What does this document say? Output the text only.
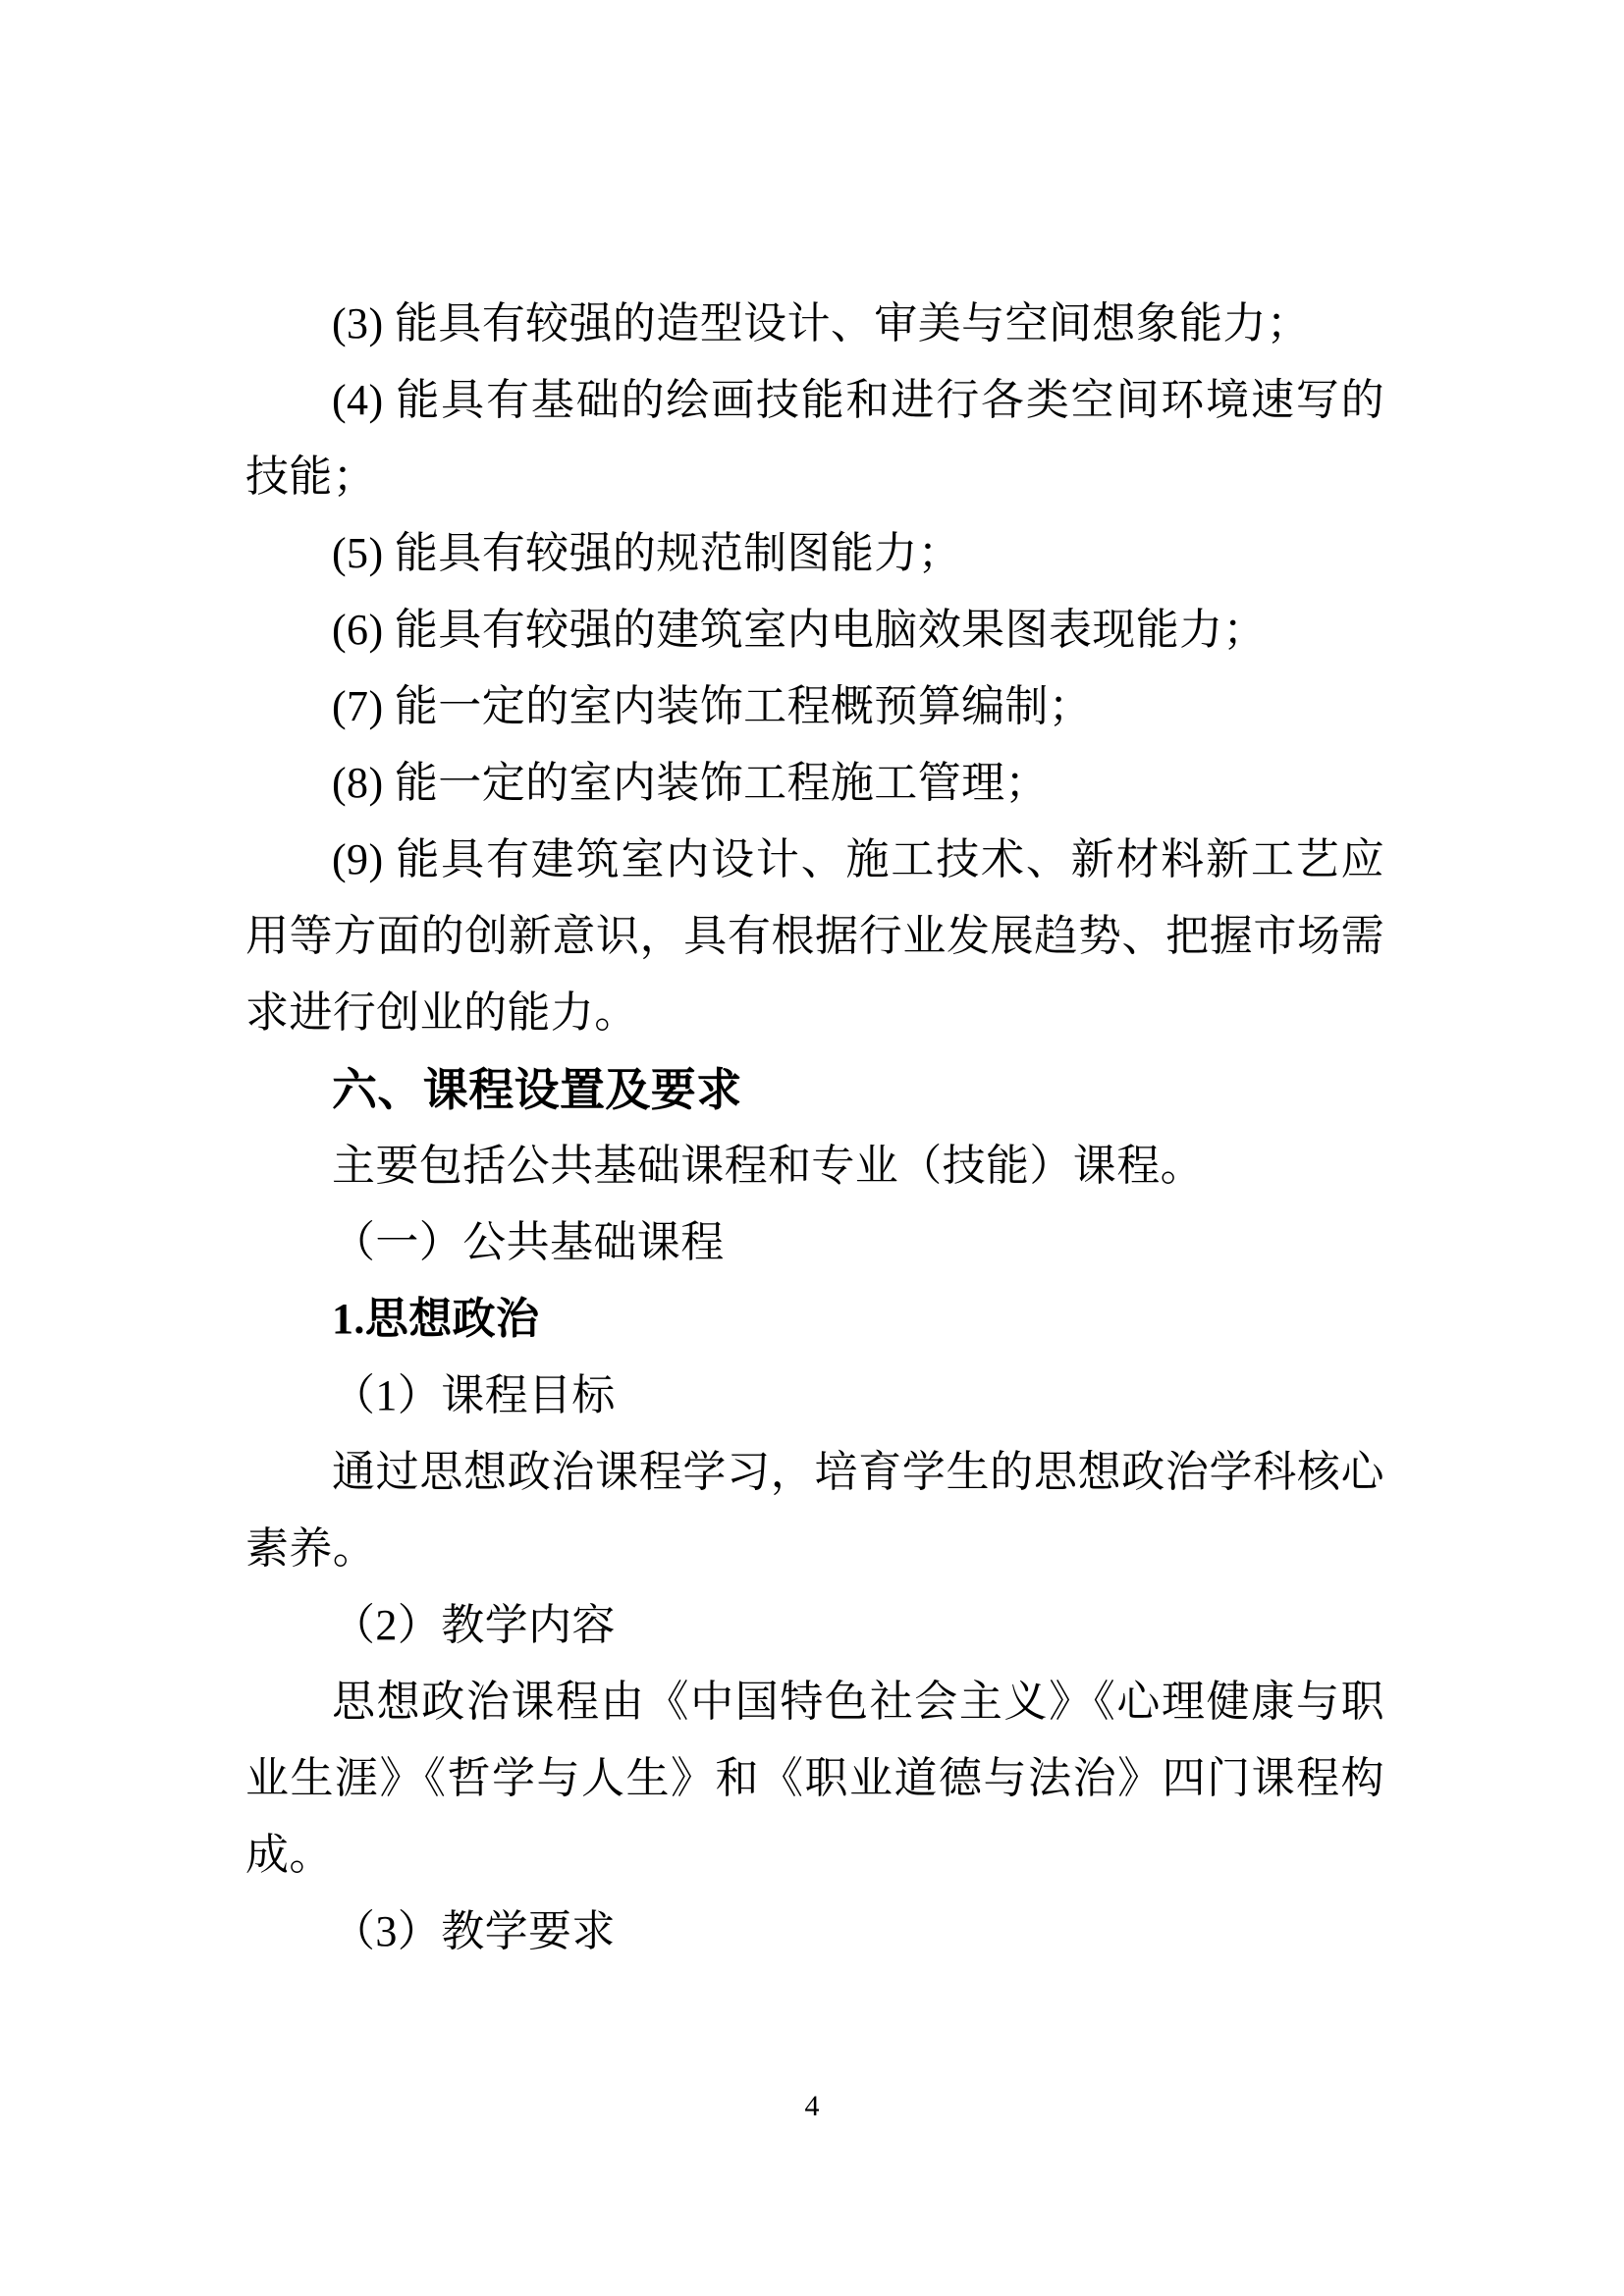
(3) 能具有较强的造型设计、审美与空间想象能力；
(4) 能具有基础的绘画技能和进行各类空间环境速写的
技能；
(5) 能具有较强的规范制图能力；
(6) 能具有较强的建筑室内电脑效果图表现能力；
(7) 能一定的室内装饰工程概预算编制；
(8) 能一定的室内装饰工程施工管理；
(9) 能具有建筑室内设计、施工技术、新材料新工艺应
用等方面的创新意识，具有根据行业发展趋势、把握市场需
求进行创业的能力。
六、课程设置及要求
主要包括公共基础课程和专业（技能）课程。
（一）公共基础课程
1.思想政治
（1）课程目标
通过思想政治课程学习，培育学生的思想政治学科核心
素养。
（2）教学内容
思想政治课程由《中国特色社会主义》《心理健康与职
业生涯》《哲学与人生》和《职业道德与法治》四门课程构
成。
（3）教学要求
4
